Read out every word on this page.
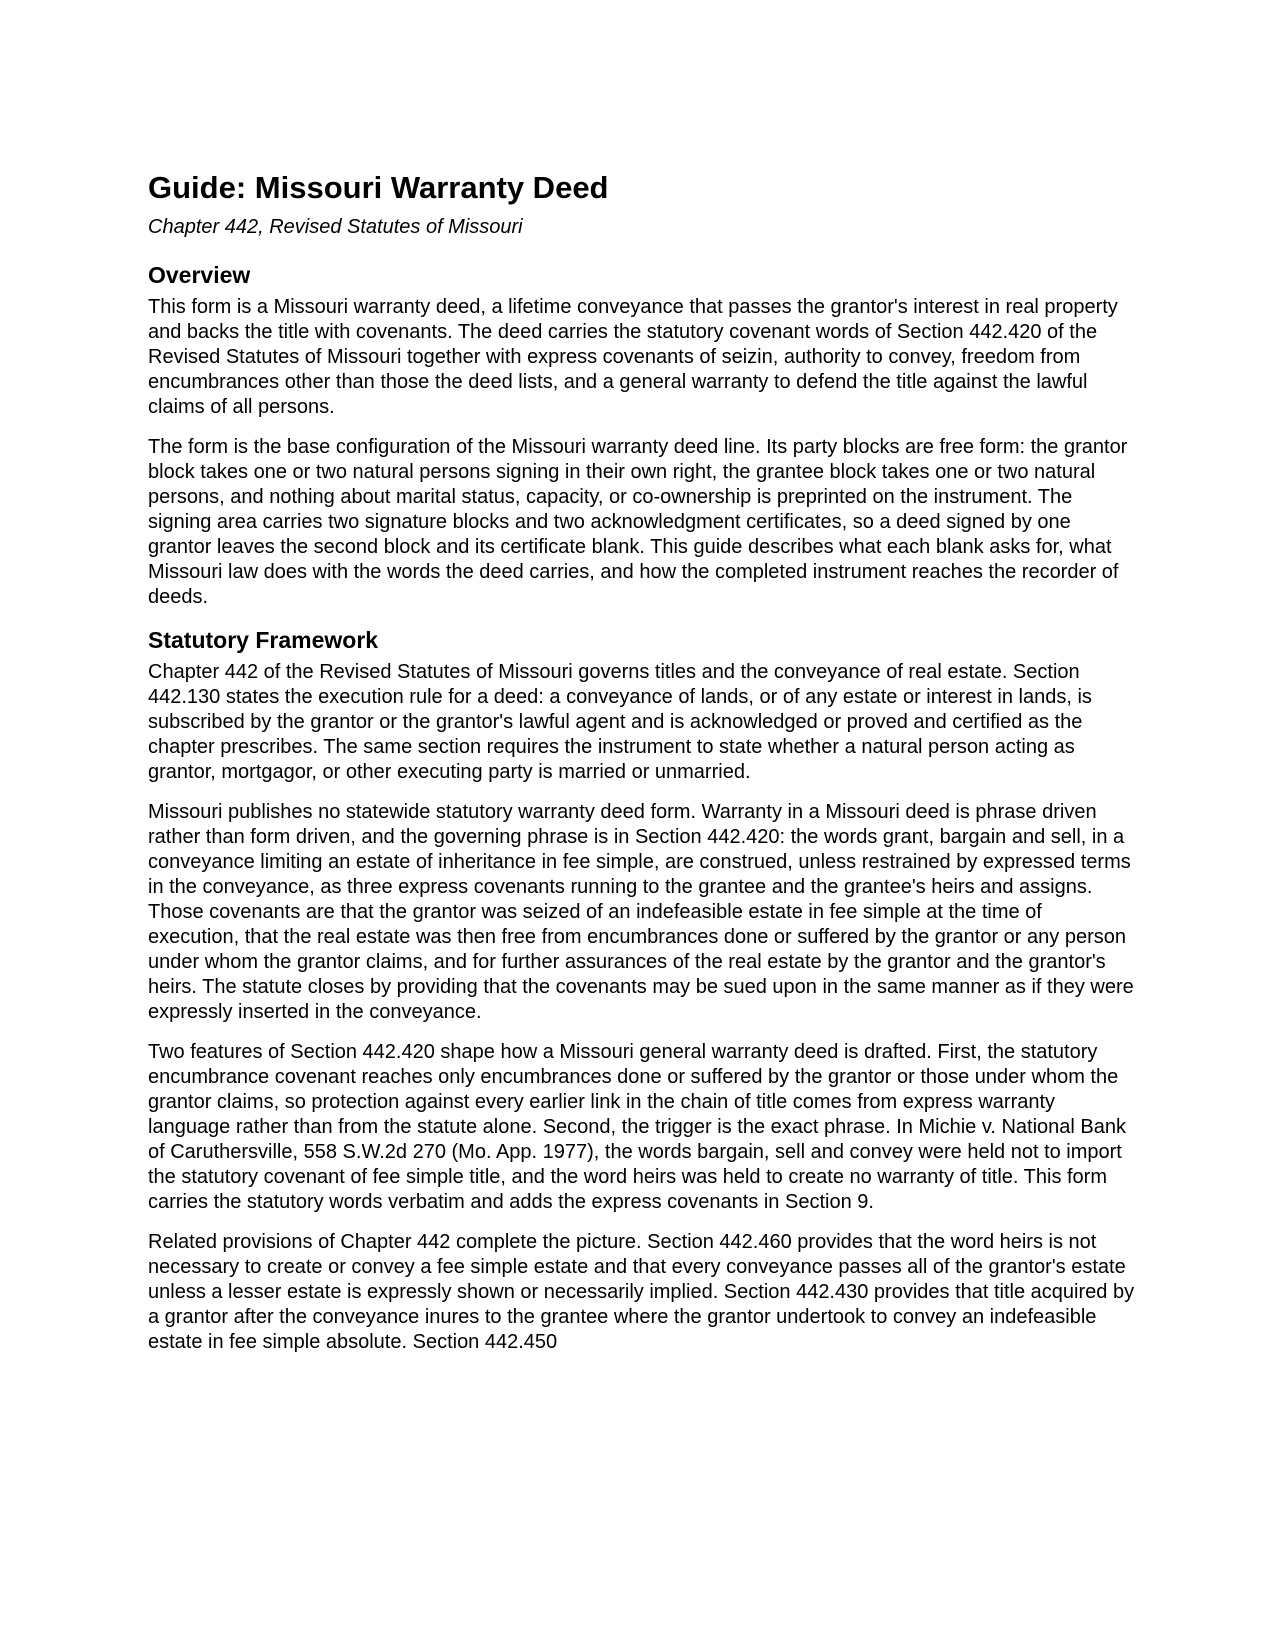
Guide: Missouri Warranty Deed
Chapter 442, Revised Statutes of Missouri
Overview

This form is a Missouri warranty deed, a lifetime conveyance that passes the grantor's interest in real property and backs the title with covenants. The deed carries the statutory covenant words of Section 442.420 of the Revised Statutes of Missouri together with express covenants of seizin, authority to convey, freedom from encumbrances other than those the deed lists, and a general warranty to defend the title against the lawful claims of all persons.

The form is the base configuration of the Missouri warranty deed line. Its party blocks are free form: the grantor block takes one or two natural persons signing in their own right, the grantee block takes one or two natural persons, and nothing about marital status, capacity, or co-ownership is preprinted on the instrument. The signing area carries two signature blocks and two acknowledgment certificates, so a deed signed by one grantor leaves the second block and its certificate blank. This guide describes what each blank asks for, what Missouri law does with the words the deed carries, and how the completed instrument reaches the recorder of deeds.

Statutory Framework

Chapter 442 of the Revised Statutes of Missouri governs titles and the conveyance of real estate. Section 442.130 states the execution rule for a deed: a conveyance of lands, or of any estate or interest in lands, is subscribed by the grantor or the grantor's lawful agent and is acknowledged or proved and certified as the chapter prescribes. The same section requires the instrument to state whether a natural person acting as grantor, mortgagor, or other executing party is married or unmarried.

Missouri publishes no statewide statutory warranty deed form. Warranty in a Missouri deed is phrase driven rather than form driven, and the governing phrase is in Section 442.420: the words grant, bargain and sell, in a conveyance limiting an estate of inheritance in fee simple, are construed, unless restrained by expressed terms in the conveyance, as three express covenants running to the grantee and the grantee's heirs and assigns. Those covenants are that the grantor was seized of an indefeasible estate in fee simple at the time of execution, that the real estate was then free from encumbrances done or suffered by the grantor or any person under whom the grantor claims, and for further assurances of the real estate by the grantor and the grantor's heirs. The statute closes by providing that the covenants may be sued upon in the same manner as if they were expressly inserted in the conveyance.

Two features of Section 442.420 shape how a Missouri general warranty deed is drafted. First, the statutory encumbrance covenant reaches only encumbrances done or suffered by the grantor or those under whom the grantor claims, so protection against every earlier link in the chain of title comes from express warranty language rather than from the statute alone. Second, the trigger is the exact phrase. In Michie v. National Bank of Caruthersville, 558 S.W.2d 270 (Mo. App. 1977), the words bargain, sell and convey were held not to import the statutory covenant of fee simple title, and the word heirs was held to create no warranty of title. This form carries the statutory words verbatim and adds the express covenants in Section 9.

Related provisions of Chapter 442 complete the picture. Section 442.460 provides that the word heirs is not necessary to create or convey a fee simple estate and that every conveyance passes all of the grantor's estate unless a lesser estate is expressly shown or necessarily implied. Section 442.430 provides that title acquired by a grantor after the conveyance inures to the grantee where the grantor undertook to convey an indefeasible estate in fee simple absolute. Section 442.450
